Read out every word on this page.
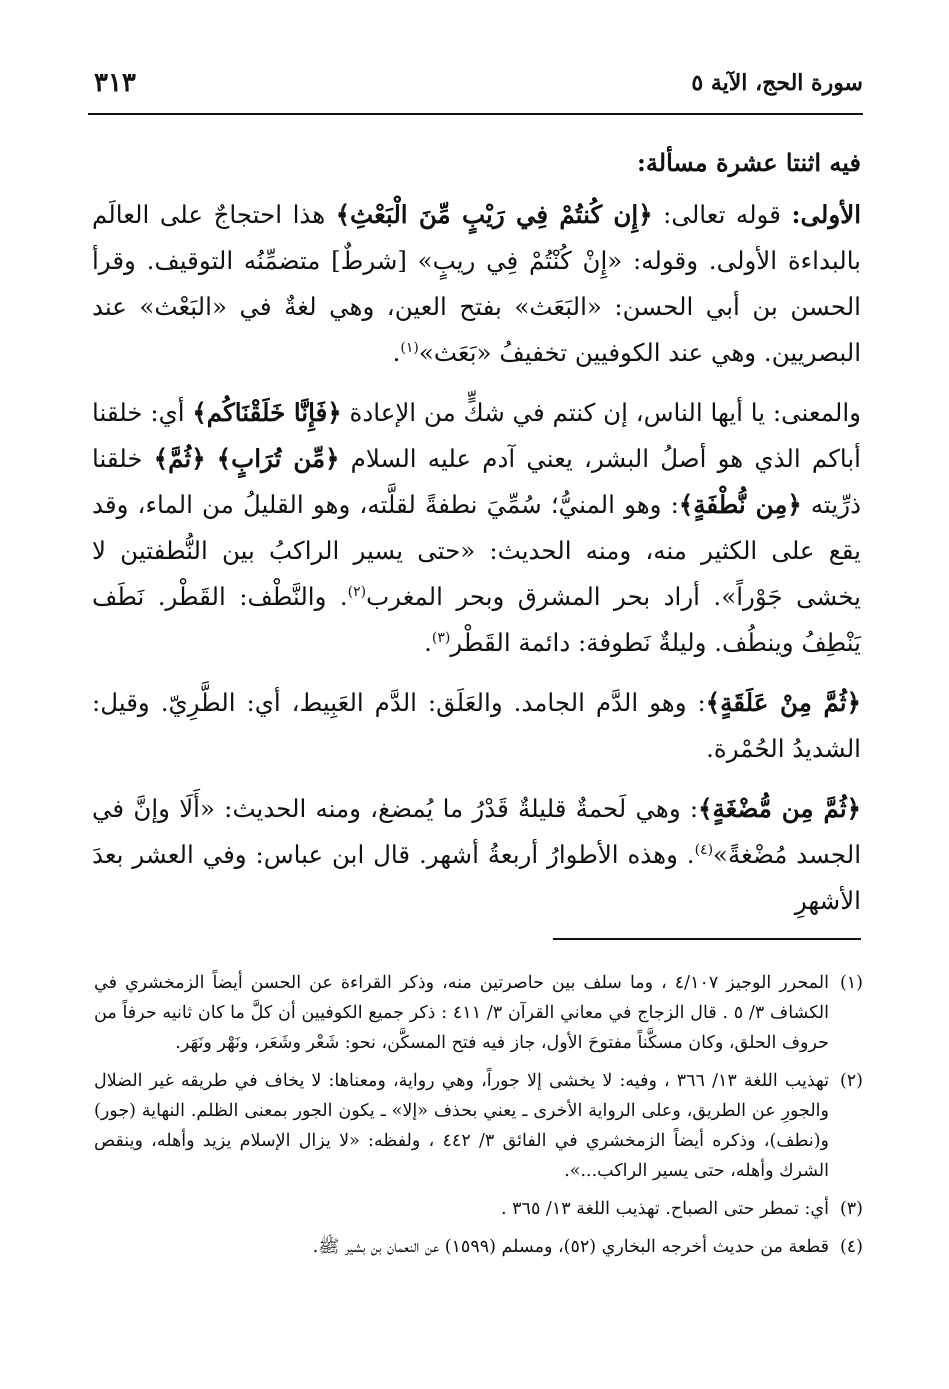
سورة الحج، الآية ٥
٣١٣

فيه اثنتا عشرة مسألة:

الأولى: قوله تعالى: ﴿إِن كُنتُمْ فِي رَيْبٍ مِّنَ الْبَعْثِ﴾ هذا احتجاجٌ على العالَم بالبداءة الأولى. وقوله: «إِنْ كُنْتُمْ فِي ريبٍ» [شرطٌ] متضمِّنُه التوقيف. وقرأ الحسن بن أبي الحسن: «البَعَث» بفتح العين، وهي لغةٌ في «البَعْث» عند البصريين. وهي عند الكوفيين تخفيفُ «بَعَث»$^{(١)}$.

والمعنى: يا أيها الناس، إن كنتم في شكٍّ من الإعادة ﴿فَإِنَّا خَلَقْنَاكُم﴾ أي: خلقنا أباكم الذي هو أصلُ البشر، يعني آدم عليه السلام ﴿مِّن تُرَابٍ﴾ ﴿ثُمَّ﴾ خلقنا ذرِّيته ﴿مِن نُّطْفَةٍ﴾: وهو المنيُّ؛ سُمِّيَ نطفةً لقلَّته، وهو القليلُ من الماء، وقد يقع على الكثير منه، ومنه الحديث: «حتى يسير الراكبُ بين النُّطفتين لا يخشى جَوْراً». أراد بحر المشرق وبحر المغرب$^{(٢)}$. والنَّطْف: القَطْر. نَطَف يَنْطِفُ وينطُف. وليلةٌ نَطوفة: دائمة القَطْر$^{(٣)}$.

﴿ثُمَّ مِنْ عَلَقَةٍ﴾: وهو الدَّم الجامد. والعَلَق: الدَّم العَبِيط، أي: الطَّرِيّ. وقيل: الشديدُ الحُمْرة.

﴿ثُمَّ مِن مُّضْغَةٍ﴾: وهي لَحمةٌ قليلةٌ قَدْرُ ما يُمضغ، ومنه الحديث: «أَلَا وإنَّ في الجسد مُضْغةً»$^{(٤)}$. وهذه الأطوارُ أربعةُ أشهر. قال ابن عباس: وفي العشر بعدَ الأشهرِ

(١)
المحرر الوجيز ٤/١٠٧ ، وما سلف بين حاصرتين منه، وذكر القراءة عن الحسن أيضاً الزمخشري في الكشاف ٣/ ٥ . قال الزجاج في معاني القرآن ٣/ ٤١١ : ذكر جميع الكوفيين أن كلَّ ما كان ثانيه حرفاً من حروف الحلق، وكان مسكَّناً مفتوحَ الأول، جاز فيه فتح المسكَّن، نحو: شَعْر وشَعَر، ونَهْر ونَهَر.
(٢)
تهذيب اللغة ١٣/ ٣٦٦ ، وفيه: لا يخشى إلا جوراً، وهي رواية، ومعناها: لا يخاف في طريقه غير الضلال والجورِ عن الطريق، وعلى الرواية الأخرى ـ يعني بحذف «إلا» ـ يكون الجور بمعنى الظلم. النهاية (جور) و(نطف)، وذكره أيضاً الزمخشري في الفائق ٣/ ٤٤٢ ، ولفظه: «لا يزال الإسلام يزيد وأهله، وينقص الشرك وأهله، حتى يسير الراكب...».
(٣)
أي: تمطر حتى الصباح. تهذيب اللغة ١٣/ ٣٦٥ .
(٤)
قطعة من حديث أخرجه البخاري (٥٢)، ومسلم (١٥٩٩) عن النعمان بن بشير ﷺ.
